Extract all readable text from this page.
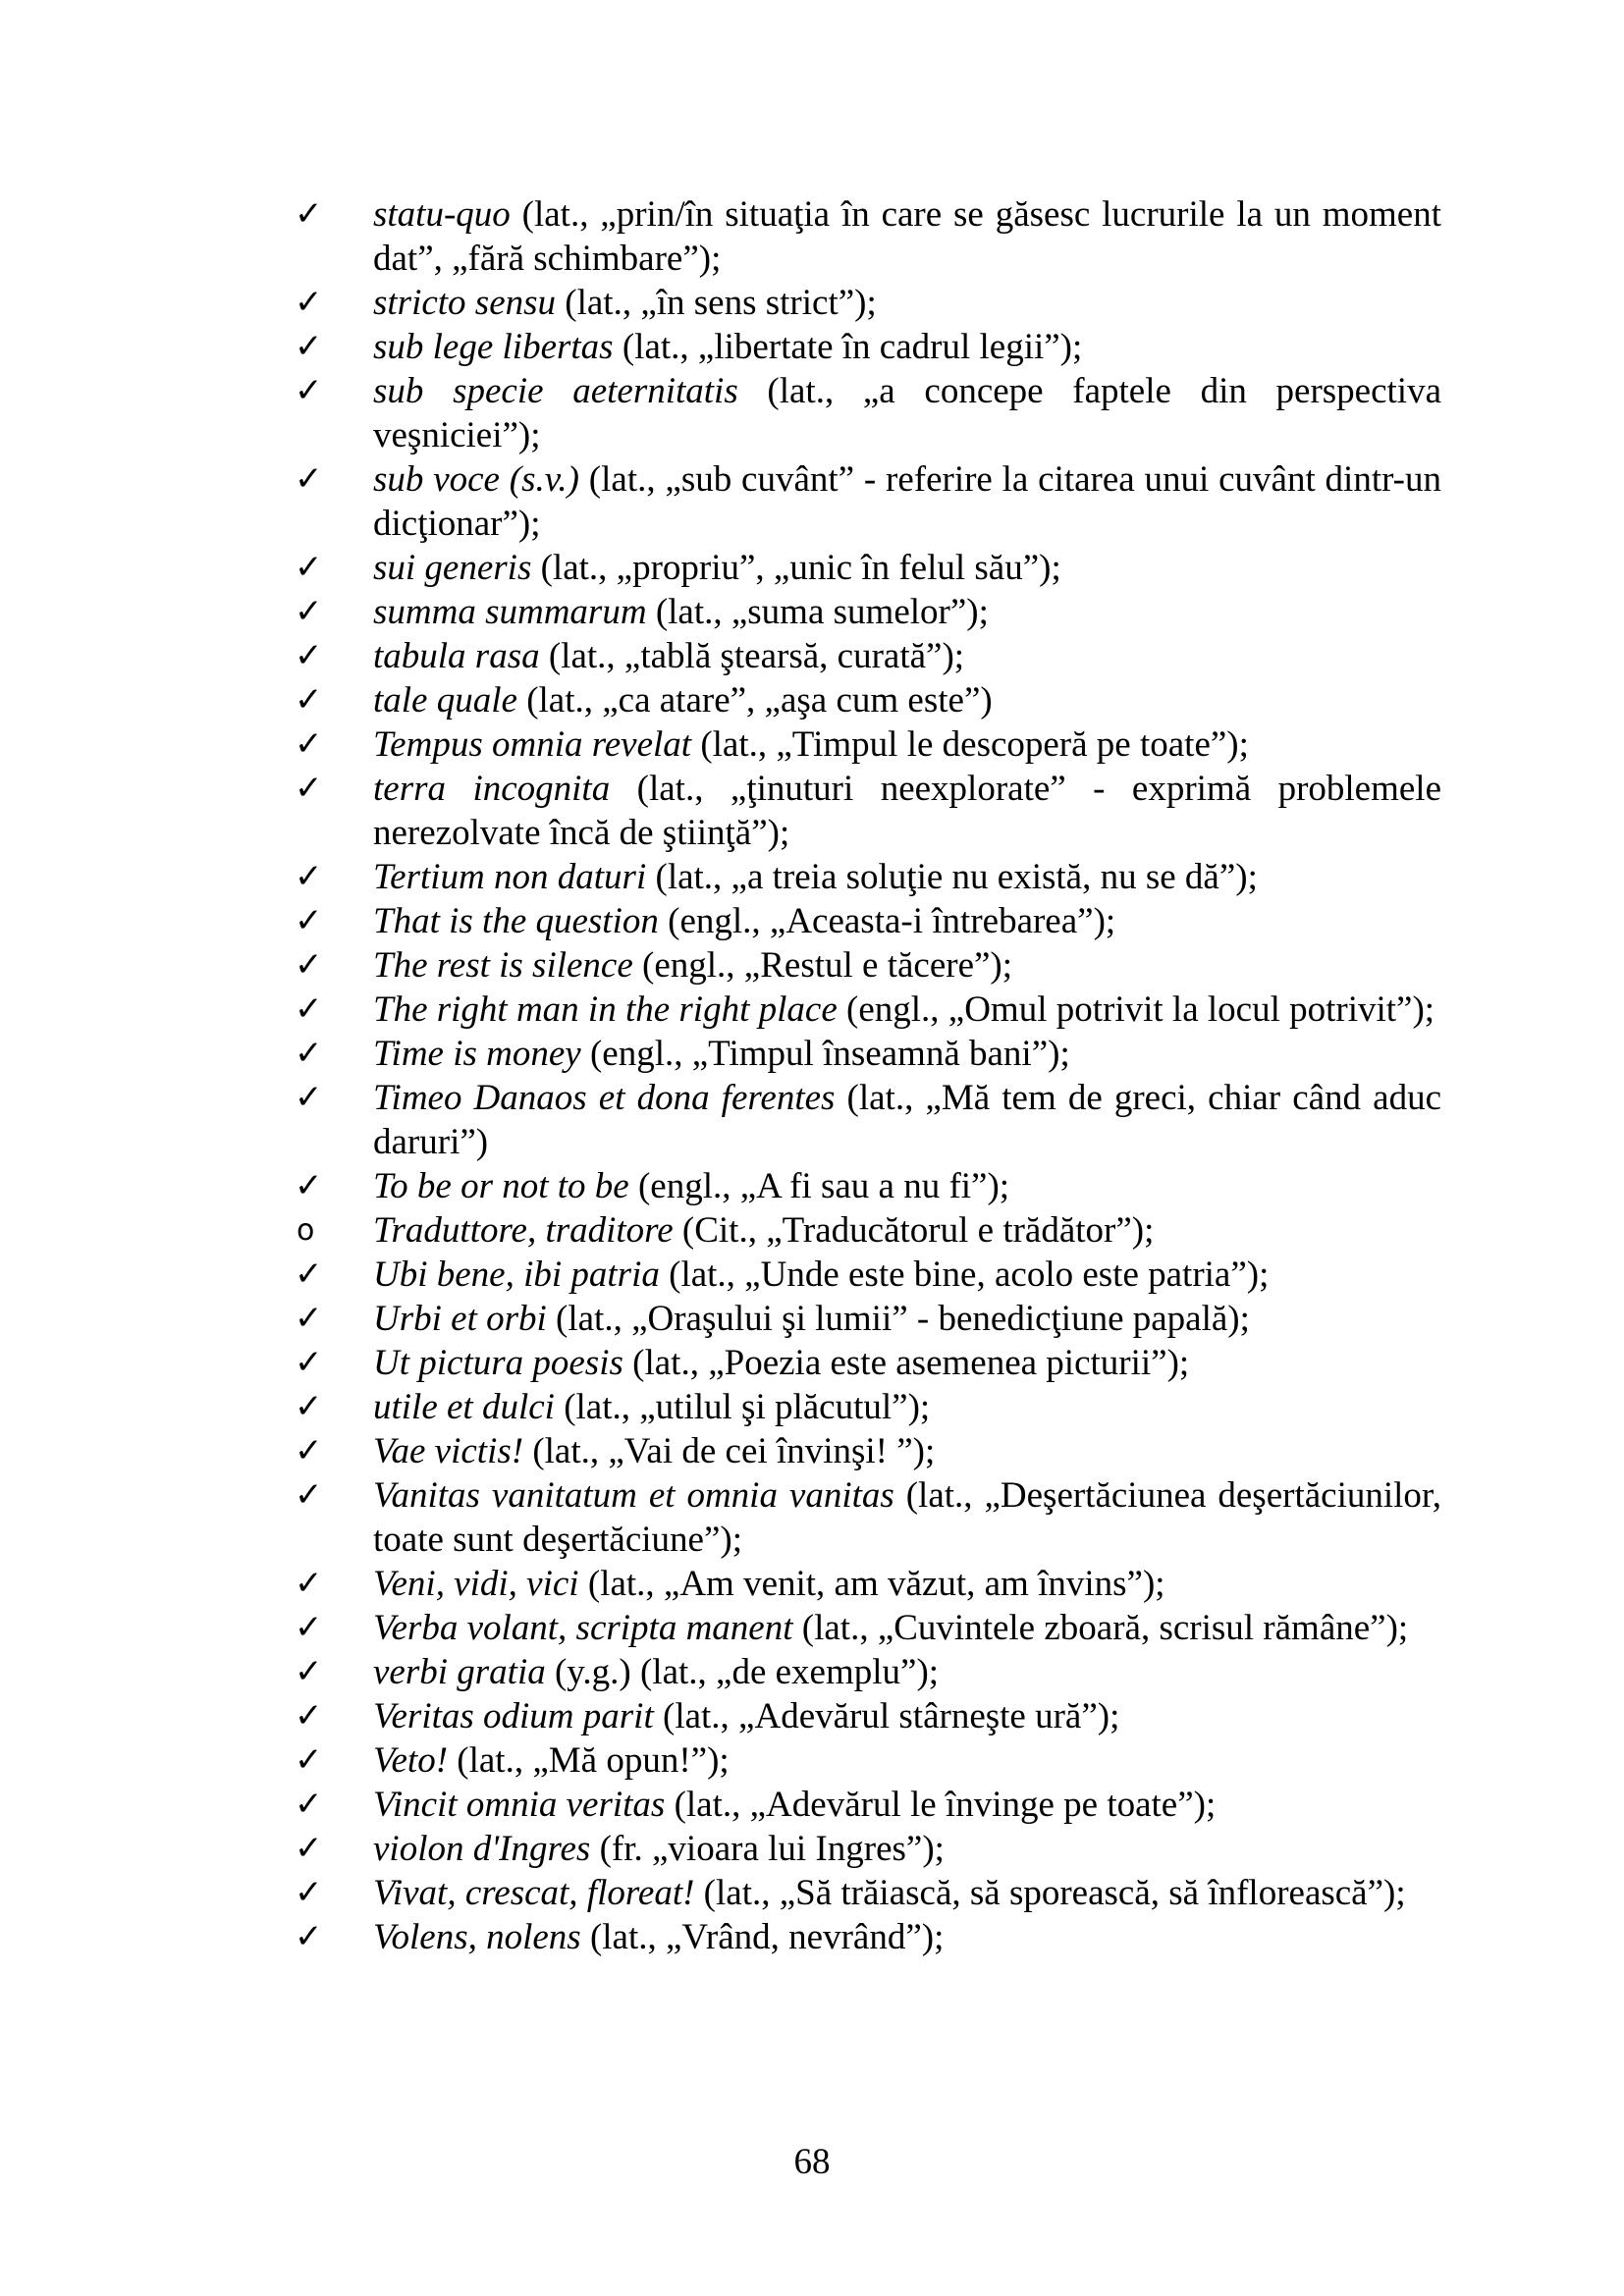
✓	statu-quo (lat., „prin/în situaţia în care se găsesc lucrurile la un moment dat”, „fără schimbare”);
✓	stricto sensu (lat., „în sens strict”);
✓	sub lege libertas (lat., „libertate în cadrul legii”);
✓	sub specie aeternitatis (lat., „a concepe faptele din perspectiva veşniciei”);
✓	sub voce (s.v.) (lat., „sub cuvânt” - referire la citarea unui cuvânt dintr-un dicţionar”);
✓	sui generis (lat., „propriu”, „unic în felul său”);
✓	summa summarum (lat., „suma sumelor”);
✓	tabula rasa (lat., „tablă ştearsă, curată”);
✓	tale quale (lat., „ca atare”, „aşa cum este”)
✓	Tempus omnia revelat (lat., „Timpul le descoperă pe toate”);
✓	terra incognita (lat., „ţinuturi neexplorate” - exprimă problemele nerezolvate încă de ştiinţă”);
✓	Tertium non daturi (lat., „a treia soluţie nu există, nu se dă”);
✓	That is the question (engl., „Aceasta-i întrebarea”);
✓	The rest is silence (engl., „Restul e tăcere”);
✓	The right man in the right place (engl., „Omul potrivit la locul potrivit”);
✓	Time is money (engl., „Timpul înseamnă bani”);
✓	Timeo Danaos et dona ferentes (lat., „Mă tem de greci, chiar când aduc daruri”)
✓	To be or not to be (engl., „A fi sau a nu fi”);
o	Traduttore, traditore (Cit., „Traducătorul e trădător”);
✓	Ubi bene, ibi patria (lat., „Unde este bine, acolo este patria”);
✓	Urbi et orbi (lat., „Oraşului şi lumii” - benedicţiune papală);
✓	Ut pictura poesis (lat., „Poezia este asemenea picturii”);
✓	utile et dulci (lat., „utilul şi plăcutul”);
✓	Vae victis! (lat., „Vai de cei învinşi! ”);
✓	Vanitas vanitatum et omnia vanitas (lat., „Deşertăciunea deşertăciunilor, toate sunt deşertăciune”);
✓	Veni, vidi, vici (lat., „Am venit, am văzut, am învins”);
✓	Verba volant, scripta manent (lat., „Cuvintele zboară, scrisul rămâne”);
✓	verbi gratia (y.g.) (lat., „de exemplu”);
✓	Veritas odium parit (lat., „Adevărul stârneşte ură”);
✓	Veto! (lat., „Mă opun!”);
✓	Vincit omnia veritas (lat., „Adevărul le învinge pe toate”);
✓	violon d'Ingres (fr. „vioara lui Ingres”);
✓	Vivat, crescat, floreat! (lat., „Să trăiască, să sporească, să înflorească”);
✓	Volens, nolens (lat., „Vrând, nevrând”);
68
